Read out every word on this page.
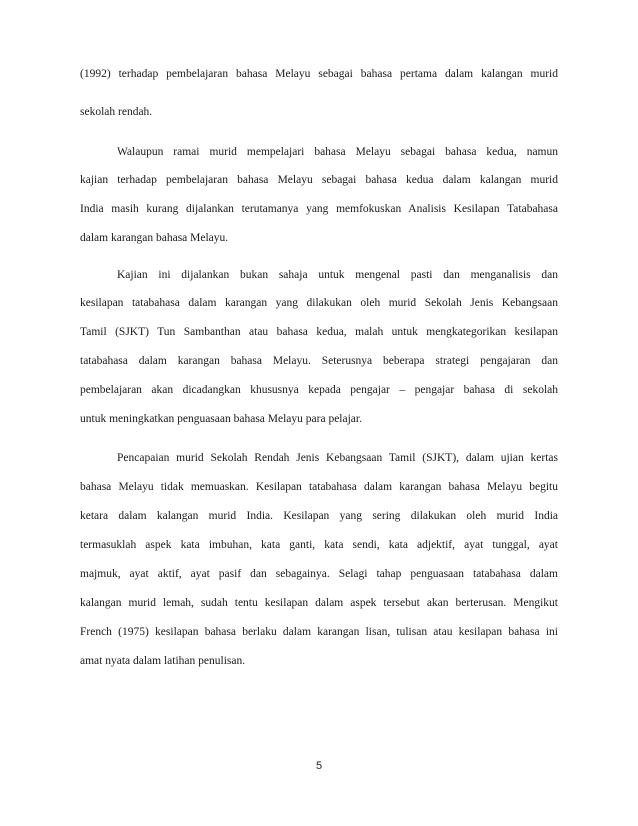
(1992) terhadap pembelajaran bahasa Melayu sebagai bahasa pertama dalam kalangan murid
sekolah rendah.
Walaupun ramai murid mempelajari bahasa Melayu sebagai bahasa kedua, namun
kajian terhadap pembelajaran bahasa Melayu sebagai bahasa kedua dalam kalangan murid
India masih kurang dijalankan terutamanya yang memfokuskan Analisis Kesilapan Tatabahasa
dalam karangan bahasa Melayu.
Kajian ini dijalankan bukan sahaja untuk mengenal pasti dan menganalisis dan
kesilapan tatabahasa dalam karangan yang dilakukan oleh murid Sekolah Jenis Kebangsaan
Tamil (SJKT) Tun Sambanthan atau bahasa kedua, malah untuk mengkategorikan kesilapan
tatabahasa dalam karangan bahasa Melayu. Seterusnya beberapa strategi pengajaran dan
pembelajaran akan dicadangkan khususnya kepada pengajar – pengajar bahasa di sekolah
untuk meningkatkan penguasaan bahasa Melayu para pelajar.
Pencapaian murid Sekolah Rendah Jenis Kebangsaan Tamil (SJKT), dalam ujian kertas
bahasa Melayu tidak memuaskan. Kesilapan tatabahasa dalam karangan bahasa Melayu begitu
ketara dalam kalangan murid India. Kesilapan yang sering dilakukan oleh murid India
termasuklah aspek kata imbuhan, kata ganti, kata sendi, kata adjektif, ayat tunggal, ayat
majmuk, ayat aktif, ayat pasif dan sebagainya. Selagi tahap penguasaan tatabahasa dalam
kalangan murid lemah, sudah tentu kesilapan dalam aspek tersebut akan berterusan. Mengikut
French (1975) kesilapan bahasa berlaku dalam karangan lisan, tulisan atau kesilapan bahasa ini
amat nyata dalam latihan penulisan.
5
